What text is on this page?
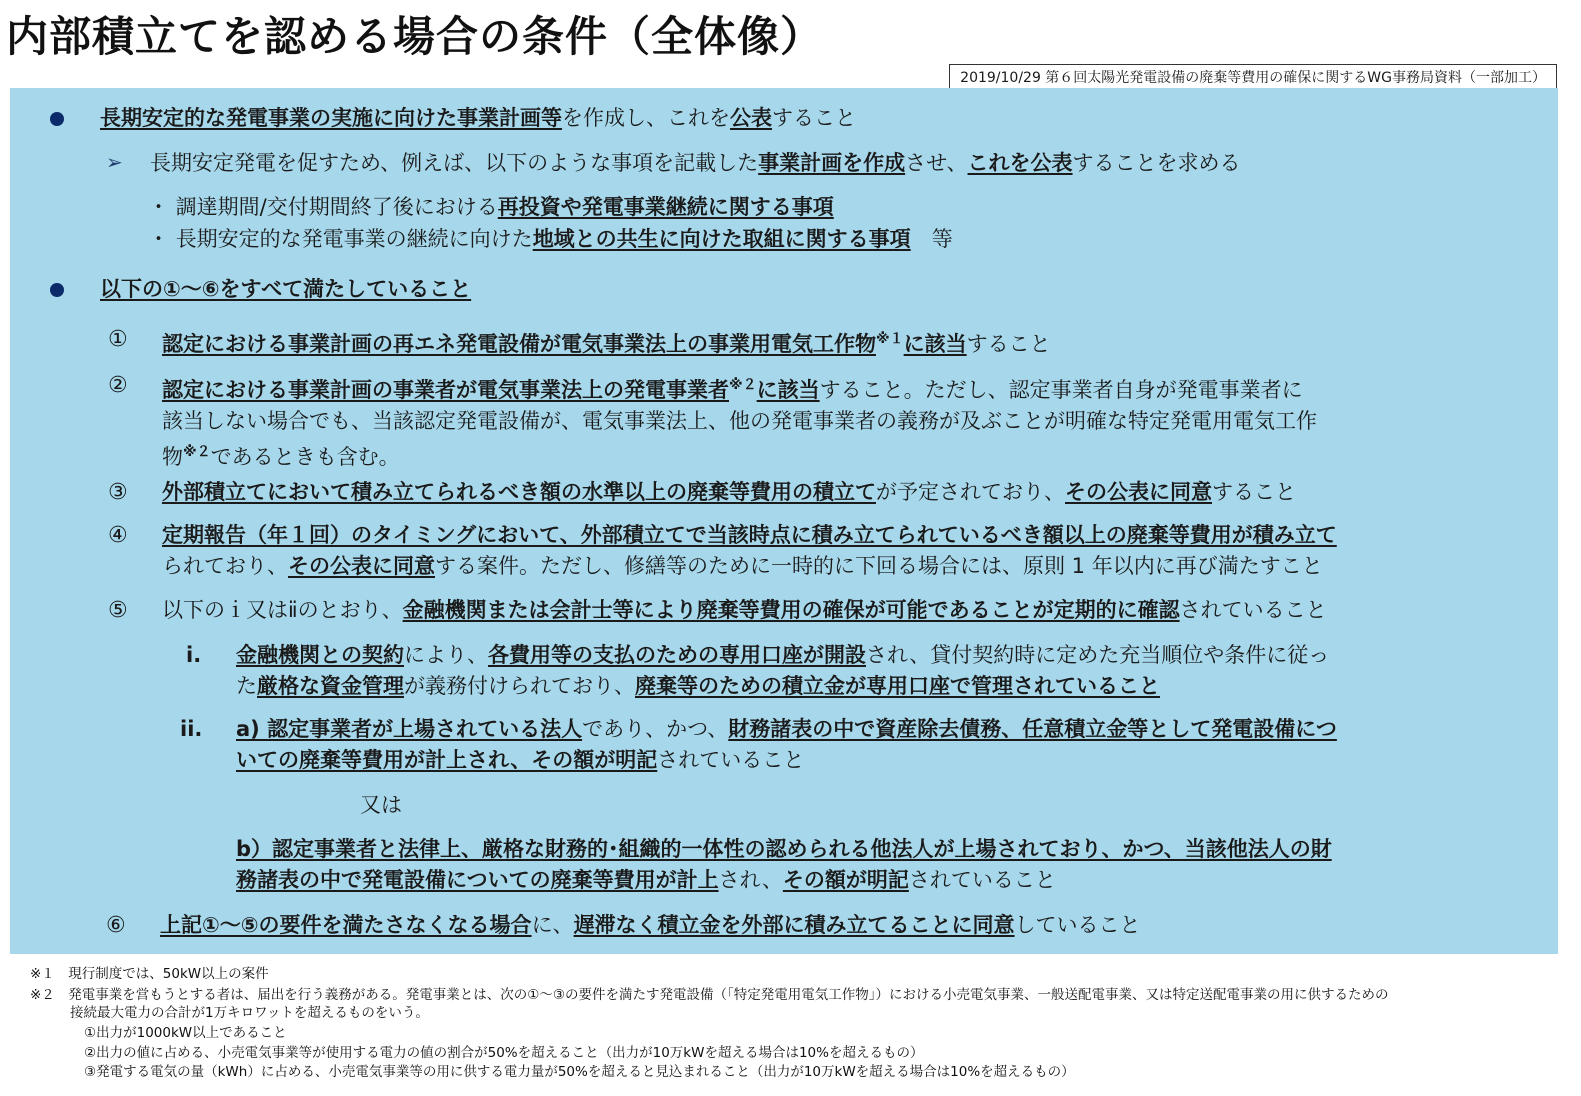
内部積立てを認める場合の条件（全体像）
2019/10/29 第６回太陽光発電設備の廃棄等費用の確保に関するWG事務局資料（一部加工）
長期安定的な発電事業の実施に向けた事業計画等を作成し、これを公表すること
➢ 長期安定発電を促すため、例えば、以下のような事項を記載した事業計画を作成させ、これを公表することを求める
・ 調達期間/交付期間終了後における再投資や発電事業継続に関する事項
・ 長期安定的な発電事業の継続に向けた地域との共生に向けた取組に関する事項　 等
以下の①～⑥をすべて満たしていること
① 認定における事業計画の再エネ発電設備が電気事業法上の事業用電気工作物$^{※1}$に該当すること
② 認定における事業計画の事業者が電気事業法上の発電事業者$^{※2}$に該当すること。ただし、認定事業者自身が発電事業者に
該当しない場合でも、当該認定発電設備が、電気事業法上、他の発電事業者の義務が及ぶことが明確な特定発電用電気工作
物$^{※2}$であるときも含む。
③ 外部積立てにおいて積み立てられるべき額の水準以上の廃棄等費用の積立てが予定されており、その公表に同意すること
④ 定期報告（年１回）のタイミングにおいて、外部積立てで当該時点に積み立てられているべき額以上の廃棄等費用が積み立て
られており、その公表に同意する案件。ただし、修繕等のために一時的に下回る場合には、原則 1 年以内に再び満たすこと
⑤ 以下のｉ又はⅱのとおり、金融機関または会計士等により廃棄等費用の確保が可能であることが定期的に確認されていること
i. 金融機関との契約により、各費用等の支払のための専用口座が開設され、貸付契約時に定めた充当順位や条件に従っ
た厳格な資金管理が義務付けられており、廃棄等のための積立金が専用口座で管理されていること
ii. a) 認定事業者が上場されている法人であり、かつ、財務諸表の中で資産除去債務、任意積立金等として発電設備につ
いての廃棄等費用が計上され、その額が明記されていること
又は
b）認定事業者と法律上、厳格な財務的･組織的一体性の認められる他法人が上場されており、かつ、当該他法人の財
務諸表の中で発電設備についての廃棄等費用が計上され、その額が明記されていること
⑥ 上記①～⑤の要件を満たさなくなる場合に、遅滞なく積立金を外部に積み立てることに同意していること
※１　現行制度では、50kW以上の案件
※２　発電事業を営もうとする者は、届出を行う義務がある。発電事業とは、次の①～③の要件を満たす発電設備（「特定発電用電気工作物」）における小売電気事業、一般送配電事業、又は特定送配電事業の用に供するための
接続最大電力の合計が1万キロワットを超えるものをいう。
①出力が1000kW以上であること
②出力の値に占める、小売電気事業等が使用する電力の値の割合が50%を超えること（出力が10万kWを超える場合は10%を超えるもの）
③発電する電気の量（kWh）に占める、小売電気事業等の用に供する電力量が50%を超えると見込まれること（出力が10万kWを超える場合は10%を超えるもの）
